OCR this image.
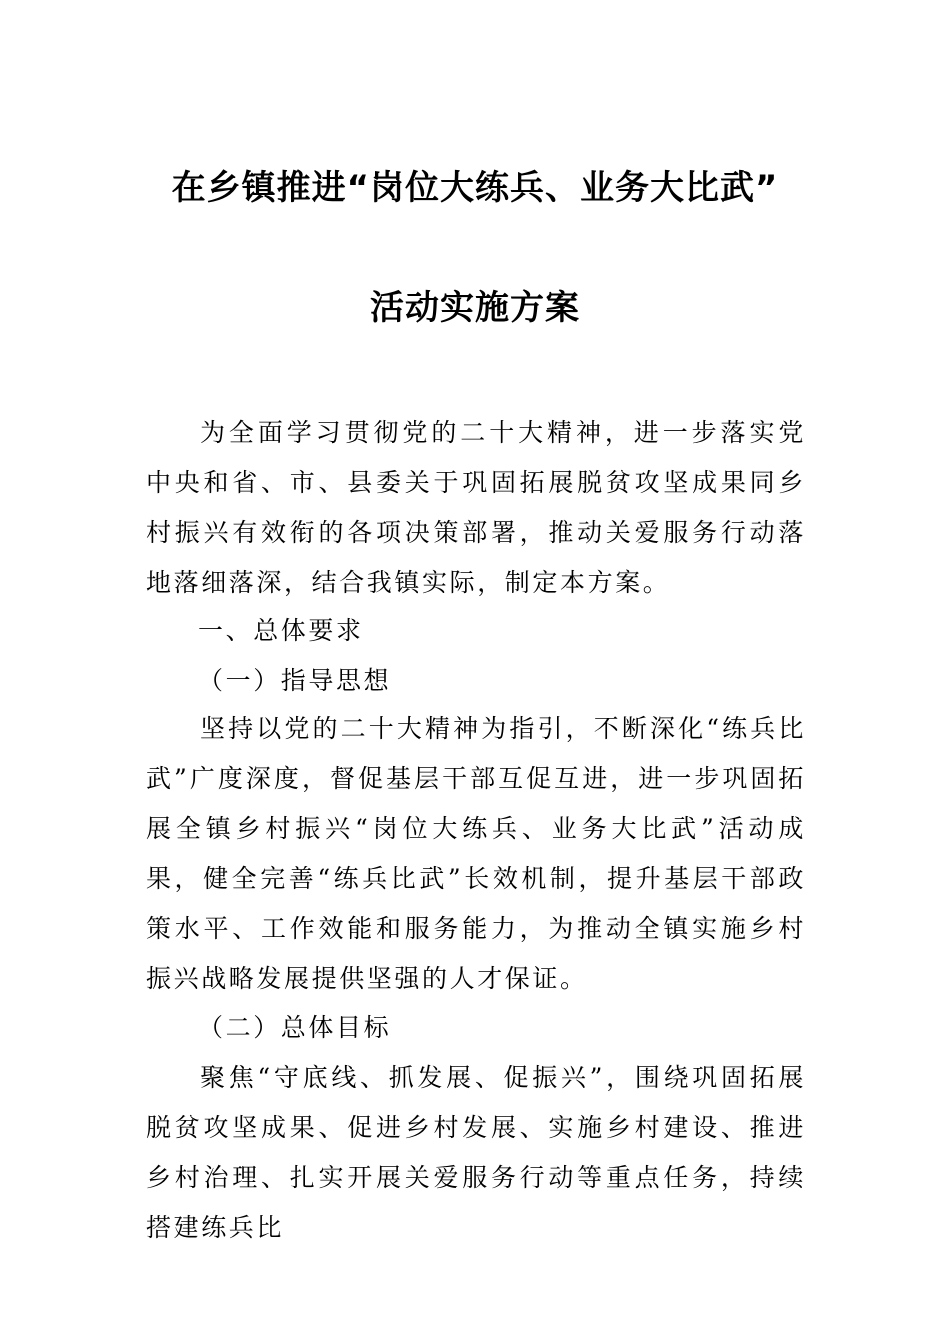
在乡镇推进“岗位大练兵、业务大比武”
活动实施方案
为全面学习贯彻党的二十大精神，进一步落实党中央和省、市、县委关于巩固拓展脱贫攻坚成果同乡村振兴有效衔的各项决策部署，推动关爱服务行动落地落细落深，结合我镇实际，制定本方案。
一、总体要求
（一）指导思想
坚持以党的二十大精神为指引，不断深化“练兵比武”广度深度，督促基层干部互促互进，进一步巩固拓展全镇乡村振兴“岗位大练兵、业务大比武”活动成果，健全完善“练兵比武”长效机制，提升基层干部政策水平、工作效能和服务能力，为推动全镇实施乡村振兴战略发展提供坚强的人才保证。
（二）总体目标
聚焦“守底线、抓发展、促振兴”，围绕巩固拓展脱贫攻坚成果、促进乡村发展、实施乡村建设、推进乡村治理、扎实开展关爱服务行动等重点任务，持续搭建练兵比
